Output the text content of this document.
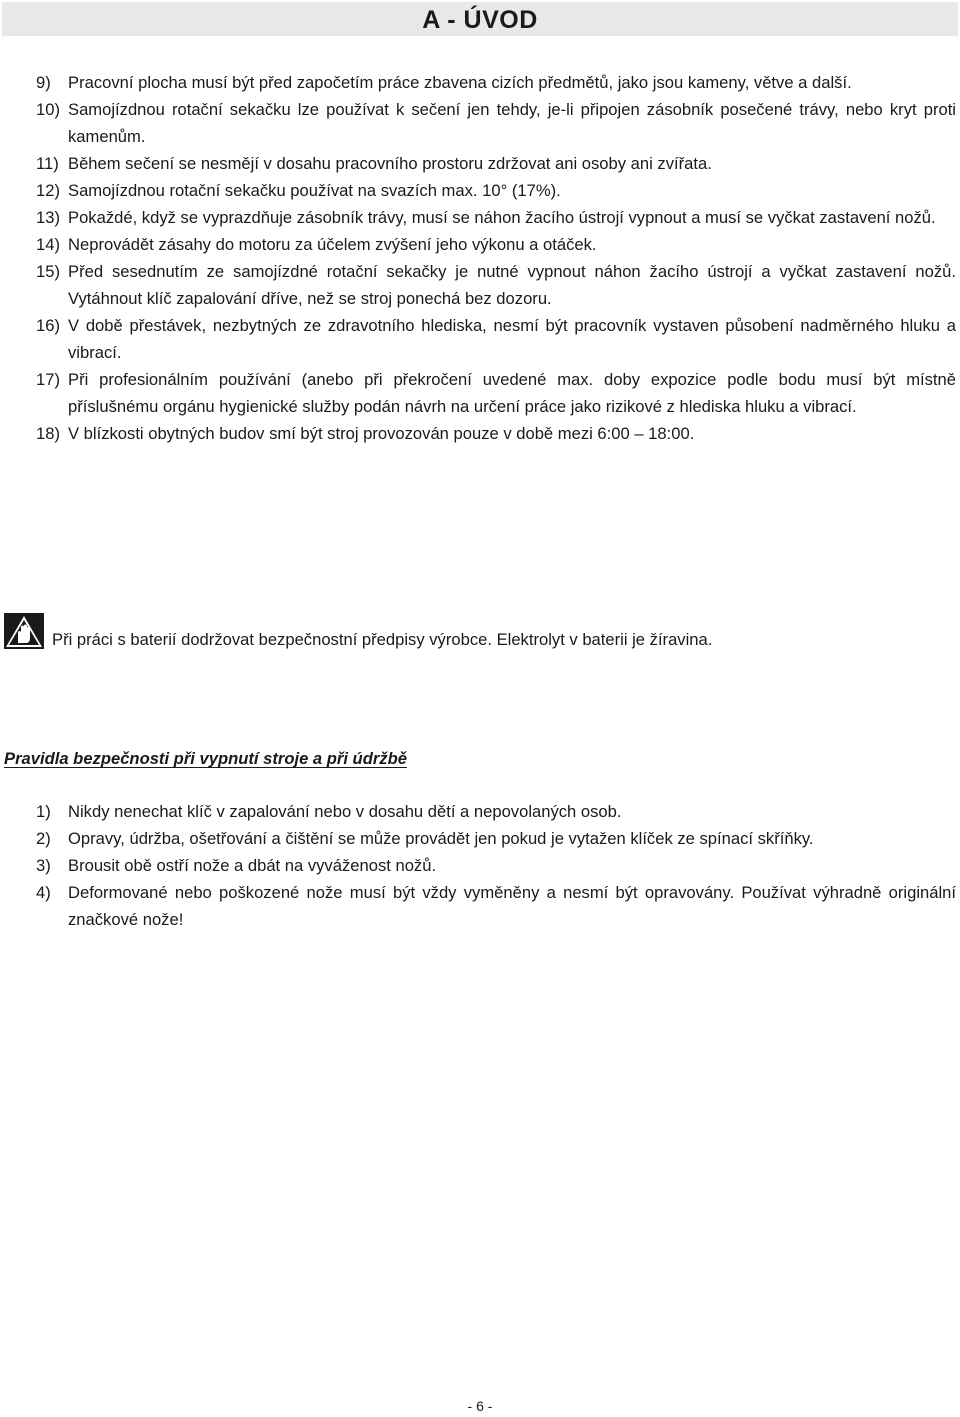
A - ÚVOD
9) Pracovní plocha musí být před započetím práce zbavena cizích předmětů, jako jsou kameny, větve a další.
10) Samojízdnou rotační sekačku lze používat k sečení jen tehdy, je-li připojen zásobník posečené trávy, nebo kryt proti kamenům.
11) Během sečení se nesmějí v dosahu pracovního prostoru zdržovat ani osoby ani zvířata.
12) Samojízdnou rotační sekačku používat na svazích max. 10° (17%).
13) Pokaždé, když se vyprazdňuje zásobník trávy, musí se náhon žacího ústrojí vypnout a musí se vyčkat zastavení nožů.
14) Neprovádět zásahy do motoru za účelem zvýšení jeho výkonu a otáček.
15) Před sesednutím ze samojízdné rotační sekačky je nutné vypnout náhon žacího ústrojí a vyčkat zastavení nožů. Vytáhnout klíč zapalování dříve, než se stroj ponechá bez dozoru.
16) V době přestávek, nezbytných ze zdravotního hlediska, nesmí být pracovník vystaven působení nadměrného hluku a vibrací.
17) Při profesionálním používání (anebo při překročení uvedené max. doby expozice podle bodu musí být místně příslušnému orgánu hygienické služby podán návrh na určení práce jako rizikové z hlediska hluku a vibrací.
18) V blízkosti obytných budov smí být stroj provozován pouze v době mezi 6:00 – 18:00.
Při práci s baterií dodržovat bezpečnostní předpisy výrobce. Elektrolyt v baterii je žíravina.
Pravidla bezpečnosti při vypnutí stroje a při údržbě
1) Nikdy nenechat klíč v zapalování nebo v dosahu dětí a nepovolaných osob.
2) Opravy, údržba, ošetřování a čištění se může provádět jen pokud je vytažen klíček ze spínací skříňky.
3) Brousit obě ostří nože a dbát na vyváženost nožů.
4) Deformované nebo poškozené nože musí být vždy vyměněny a nesmí být opravovány. Používat výhradně originální značkové nože!
- 6 -
